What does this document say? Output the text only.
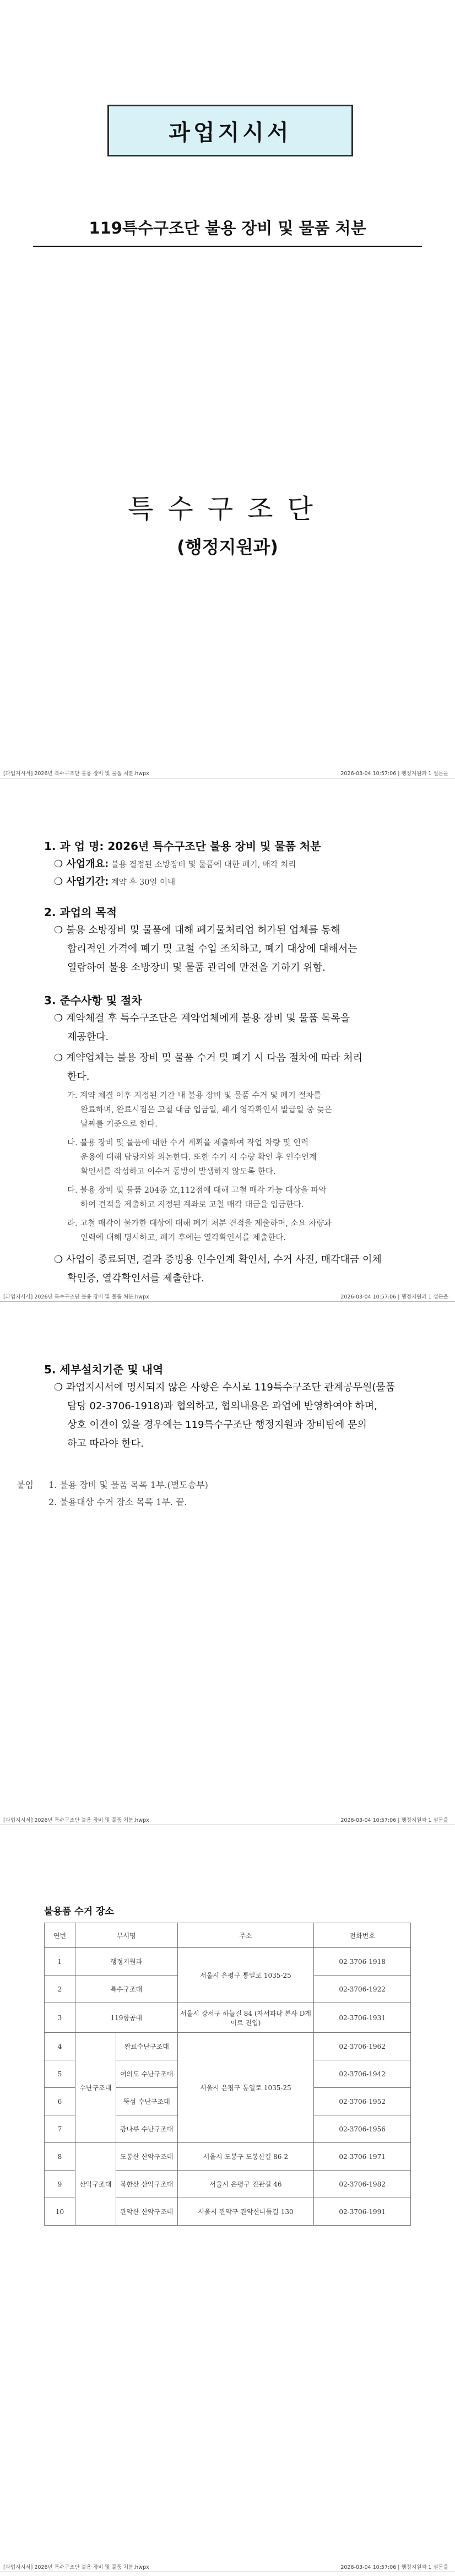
과업지시서
119특수구조단 불용 장비 및 물품 처분
특수구조단
(행정지원과)
[과업지시서] 2026년 특수구조단 불용 장비 및 물품 처분.hwpx	2026-03-04 10:57:06 | 행정지원과 1 설문을
1. 과 업 명: 2026년 특수구조단 불용 장비 및 물품 처분
❍ 사업개요: 불용 결정된 소방장비 및 물품에 대한 폐기, 매각 처리
❍ 사업기간: 계약 후 30일 이내
2. 과업의 목적
❍ 불용 소방장비 및 물품에 대해 폐기물처리업 허가된 업체를 통해
합리적인 가격에 폐기 및 고철 수입 조치하고, 폐기 대상에 대해서는
열람하여 불용 소방장비 및 물품 관리에 만전을 기하기 위함.
3. 준수사항 및 절차
❍ 계약체결 후 특수구조단은 계약업체에게 불용 장비 및 물품 목록을
제공한다.
❍ 계약업체는 불용 장비 및 물품 수거 및 폐기 시 다음 절차에 따라 처리
한다.
가. 계약 체결 이후 지정된 기간 내 불용 장비 및 물품 수거 및 폐기 절차를
완료하며, 완료시점은 고철 대금 입금일, 폐기 영각확인서 발급일 중 늦은
날짜를 기준으로 한다.
나. 불용 장비 및 물품에 대한 수거 계획을 제출하여 작업 차량 및 인력
운용에 대해 담당자와 의논한다. 또한 수거 시 수량 확인 후 인수인계
확인서를 작성하고 이수거 동방이 발생하지 않도록 한다.
다. 불용 장비 및 물품 204종 立,112점에 대해 고철 매각 가능 대상을 파악
하여 견적을 제출하고 지정된 계좌로 고철 매각 대금을 입금한다.
라. 고철 매각이 불가한 대상에 대해 폐기 처분 견적을 제출하며, 소요 차량과
인력에 대해 명시하고, 폐기 후에는 열각확인서를 제출한다.
❍ 사업이 종료되면, 결과 증빙용 인수인계 확인서, 수거 사진, 매각대금 이체
확인증, 열각확인서를 제출한다.
[과업지시서] 2026년 특수구조단 불용 장비 및 물품 처분.hwpx	2026-03-04 10:57:06 | 행정지원과 1 설문을
5. 세부설치기준 및 내역
❍ 과업지시서에 명시되지 않은 사항은 수시로 119특수구조단 관계공무원(물품
담당 02-3706-1918)과 협의하고, 협의내용은 과업에 반영하여야 하며,
상호 이견이 있을 경우에는 119특수구조단 행정지원과 장비팀에 문의
하고 따라야 한다.
붙임 1. 불용 장비 및 물품 목록 1부.(별도송부)
2. 불용대상 수거 장소 목록 1부. 끝.
[과업지시서] 2026년 특수구조단 불용 장비 및 물품 처분.hwpx	2026-03-04 10:57:06 | 행정지원과 1 설문을
불용품 수거 장소
연번	부서명		주소	전화번호
1	행정지원과		서울시 은평구 통일로 1035-25	02-3706-1918
2	특수구조대			02-3706-1922
3	119항공대		서울시 강서구 하늘길 84 (자서파나 본사 D게이트 진입)	02-3706-1931
4	수난구조대	완료수난구조대	서울시 은평구 통일로 1035-25	02-3706-1962
5		여의도 수난구조대		02-3706-1942
6		뚝섬 수난구조대		02-3706-1952
7		광나루 수난구조대		02-3706-1956
8	산악구조대	도봉산 산악구조대	서울시 도봉구 도봉산길 86-2	02-3706-1971
9		북한산 산악구조대	서울시 은평구 진관길 46	02-3706-1982
10		관악산 산악구조대	서울시 관악구 관악산나들길 130	02-3706-1991
[과업지시서] 2026년 특수구조단 불용 장비 및 물품 처분.hwpx	2026-03-04 10:57:06 | 행정지원과 1 설문을
